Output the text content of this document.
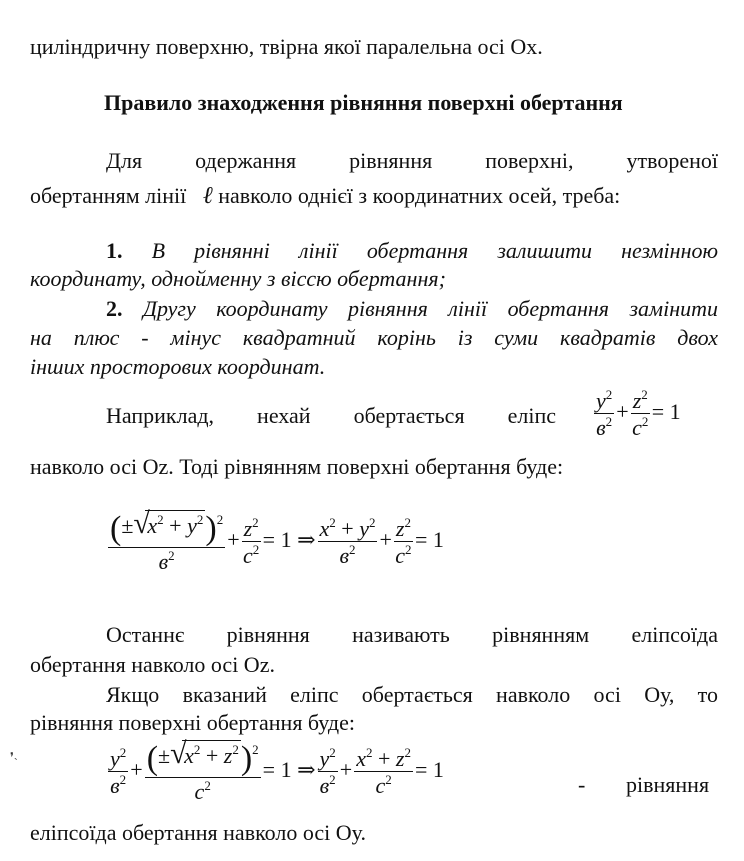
циліндричну поверхню, твірна якої паралельна осі Ох.
Правило знаходження рівняння поверхні обертання
Для одержання рівняння поверхні, утвореної
обертанням лінії ℓ навколо однієї з координатних осей, треба:
1. В рівнянні лінії обертання залишити незмінною
координату, однойменну з віссю обертання;
2. Другу координату рівняння лінії обертання замінити
на плюс - мінус квадратний корінь із суми квадратів двох
інших просторових координат.
Наприклад, нехай обертається еліпс $\frac{y^2}{в^2} + \frac{z^2}{c^2} = 1$
навколо осі Oz. Тоді рівнянням поверхні обертання буде:
(± √
$x^2 + y^2)^2$
$в^2 + \frac{z^2}{c^2} = 1$ ⇒ $\frac{x^2 + y^2}{в^2} + \frac{z^2}{c^2} = 1$
Останнє рівняння називають рівнянням еліпсоїда
обертання навколо осі Oz.
Якщо вказаний еліпс обертається навколо осі Оу, то
рівняння поверхні обертання буде:
❜˴	$\frac{y^2}{в^2}$ + (± √
$x^2 + z^2)^2$
$c^2 = 1$ ⇒ $\frac{y^2}{в^2} + \frac{x^2 + z^2}{c^2} = 1$
- рівняння
еліпсоїда обертання навколо осі Оу.
